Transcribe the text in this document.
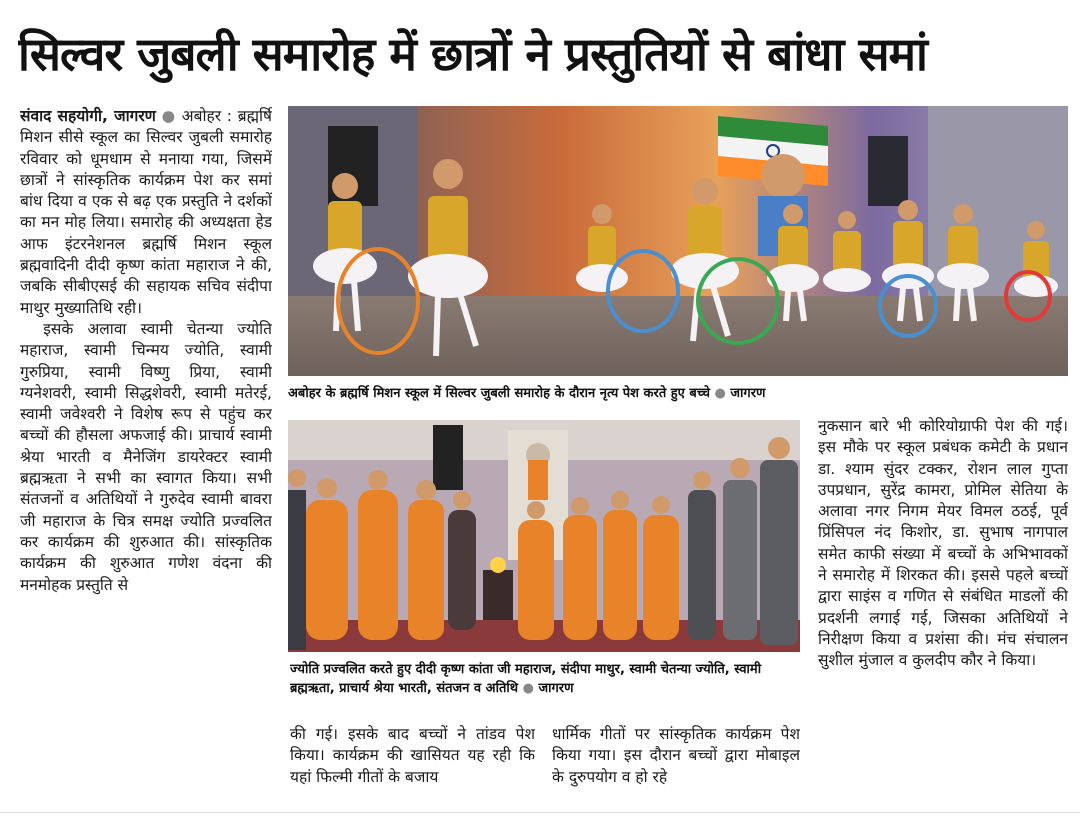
सिल्वर जुबली समारोह में छात्रों ने प्रस्तुतियों से बांधा समां

संवाद सहयोगी, जागरण ● अबोहर : ब्रह्मर्षि मिशन सीसे स्कूल का सिल्वर जुबली समारोह रविवार को धूमधाम से मनाया गया, जिसमें छात्रों ने सांस्कृतिक कार्यक्रम पेश कर समां बांध दिया व एक से बढ़ एक प्रस्तुति ने दर्शकों का मन मोह लिया। समारोह की अध्यक्षता हेड आफ इंटरनेशनल ब्रह्मर्षि मिशन स्कूल ब्रह्मवादिनी दीदी कृष्ण कांता महाराज ने की, जबकि सीबीएसई की सहायक सचिव संदीपा माथुर मुख्यातिथि रही।

इसके अलावा स्वामी चेतन्या ज्योति महाराज, स्वामी चिन्मय ज्योति, स्वामी गुरुप्रिया, स्वामी विष्णु प्रिया, स्वामी ग्यनेशवरी, स्वामी सिद्धशेवरी, स्वामी मतेरई, स्वामी जवेश्वरी ने विशेष रूप से पहुंच कर बच्चों की हौसला अफजाई की। प्राचार्य स्वामी श्रेया भारती व मैनेजिंग डायरेक्टर स्वामी ब्रह्मऋता ने सभी का स्वागत किया। सभी संतजनों व अतिथियों ने गुरुदेव स्वामी बावरा जी महाराज के चित्र समक्ष ज्योति प्रज्वलित कर कार्यक्रम की शुरुआत की। सांस्कृतिक कार्यक्रम की शुरुआत गणेश वंदना की मनमोहक प्रस्तुति से

अबोहर के ब्रह्मर्षि मिशन स्कूल में सिल्वर जुबली समारोह के दौरान नृत्य पेश करते हुए बच्चे ● जागरण
ज्योति प्रज्वलित करते हुए दीदी कृष्ण कांता जी महाराज, संदीपा माथुर, स्वामी चेतन्या ज्योति, स्वामी ब्रह्मऋता, प्राचार्य श्रेया भारती, संतजन व अतिथि ● जागरण

की गई। इसके बाद बच्चों ने तांडव पेश किया। कार्यक्रम की खासियत यह रही कि यहां फिल्मी गीतों के बजाय

धार्मिक गीतों पर सांस्कृतिक कार्यक्रम पेश किया गया। इस दौरान बच्चों द्वारा मोबाइल के दुरुपयोग व हो रहे

नुकसान बारे भी कोरियोग्राफी पेश की गई। इस मौके पर स्कूल प्रबंधक कमेटी के प्रधान डा. श्याम सुंदर टक्कर, रोशन लाल गुप्ता उपप्रधान, सुरेंद्र कामरा, प्रोमिल सेतिया के अलावा नगर निगम मेयर विमल ठठई, पूर्व प्रिंसिपल नंद किशोर, डा. सुभाष नागपाल समेत काफी संख्या में बच्चों के अभिभावकों ने समारोह में शिरकत की। इससे पहले बच्चों द्वारा साइंस व गणित से संबंधित माडलों की प्रदर्शनी लगाई गई, जिसका अतिथियों ने निरीक्षण किया व प्रशंसा की। मंच संचालन सुशील मुंजाल व कुलदीप कौर ने किया।
